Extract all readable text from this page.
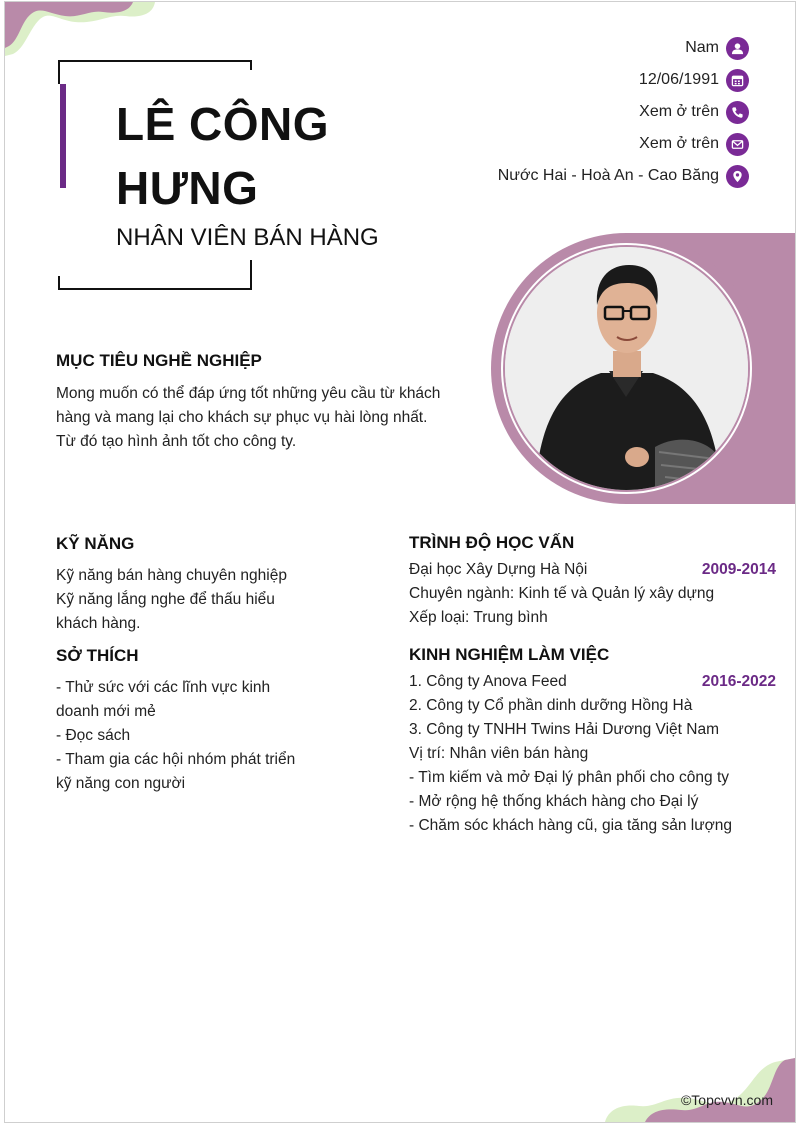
LÊ CÔNG HƯNG
NHÂN VIÊN BÁN HÀNG
Nam
12/06/1991
Xem ở trên
Xem ở trên
Nước Hai - Hoà An - Cao Băng
MỤC TIÊU NGHỀ NGHIỆP
Mong muốn có thể đáp ứng tốt những yêu cầu từ khách
hàng và mang lại cho khách sự phục vụ hài lòng nhất.
Từ đó tạo hình ảnh tốt cho công ty.
KỸ NĂNG
Kỹ năng bán hàng chuyên nghiệp
Kỹ năng lắng nghe để thấu hiểu
khách hàng.
SỞ THÍCH
- Thử sức với các lĩnh vực kinh
doanh mới mẻ
- Đọc sách
- Tham gia các hội nhóm phát triển
kỹ năng con người
TRÌNH ĐỘ HỌC VẤN
Đại học Xây Dựng Hà Nội	2009-2014
Chuyên ngành: Kinh tế và Quản lý xây dựng
Xếp loại: Trung bình
KINH NGHIỆM LÀM VIỆC
1. Công ty Anova Feed	2016-2022
2. Công ty Cổ phần dinh dưỡng Hồng Hà
3. Công ty TNHH Twins Hải Dương Việt Nam
Vị trí: Nhân viên bán hàng
- Tìm kiếm và mở Đại lý phân phối cho công ty
- Mở rộng hệ thống khách hàng cho Đại lý
- Chăm sóc khách hàng cũ, gia tăng sản lượng
©Topcvvn.com
